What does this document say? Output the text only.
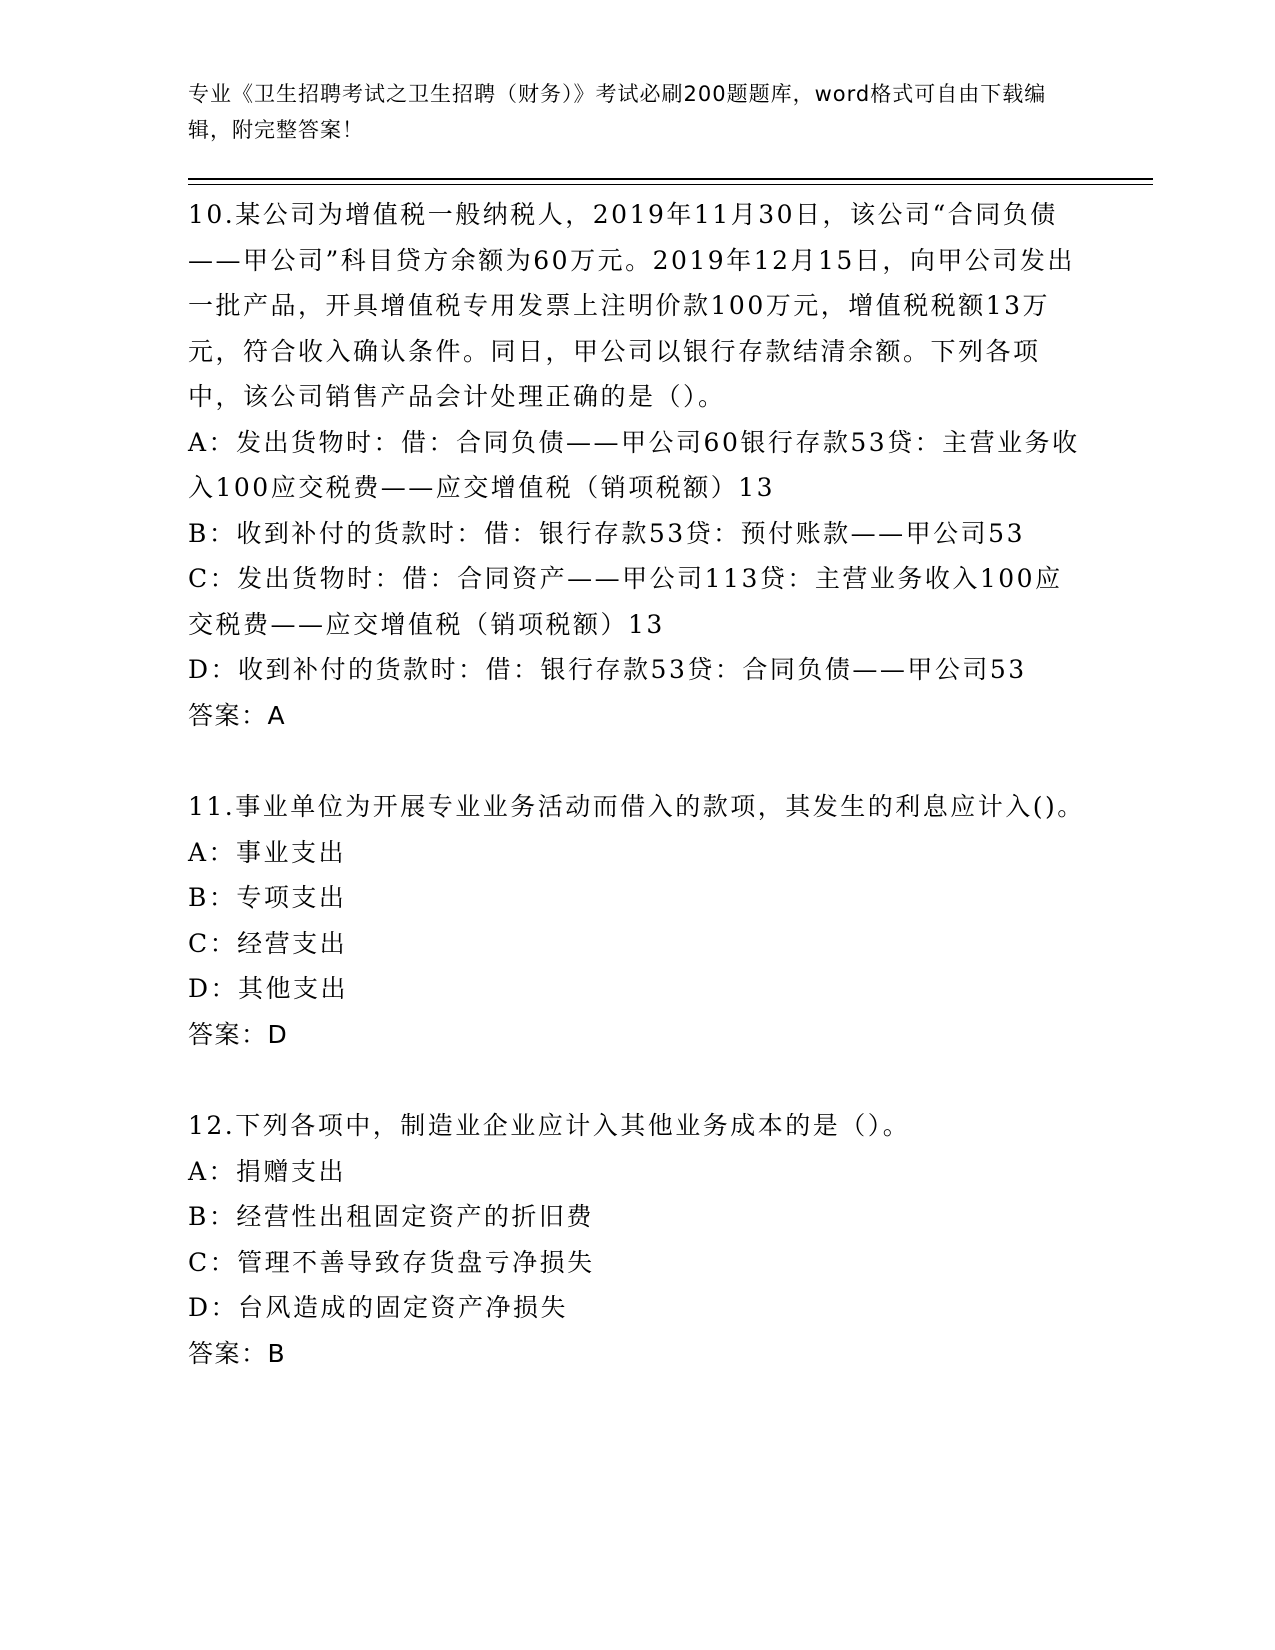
专业《卫生招聘考试之卫生招聘（财务）》考试必刷200题题库，word格式可自由下载编辑，附完整答案！

10.某公司为增值税一般纳税人，2019年11月30日，该公司“合同负债——甲公司”科目贷方余额为60万元。2019年12月15日，向甲公司发出一批产品，开具增值税专用发票上注明价款100万元，增值税税额13万元，符合收入确认条件。同日，甲公司以银行存款结清余额。下列各项中，该公司销售产品会计处理正确的是（）。

A：发出货物时：借：合同负债——甲公司60银行存款53贷：主营业务收入100应交税费——应交增值税（销项税额）13

B：收到补付的货款时：借：银行存款53贷：预付账款——甲公司53

C：发出货物时：借：合同资产——甲公司113贷：主营业务收入100应交税费——应交增值税（销项税额）13

D：收到补付的货款时：借：银行存款53贷：合同负债——甲公司53

答案：A

11.事业单位为开展专业业务活动而借入的款项，其发生的利息应计入()。

A：事业支出

B：专项支出

C：经营支出

D：其他支出

答案：D

12.下列各项中，制造业企业应计入其他业务成本的是（）。

A：捐赠支出

B：经营性出租固定资产的折旧费

C：管理不善导致存货盘亏净损失

D：台风造成的固定资产净损失

答案：B
